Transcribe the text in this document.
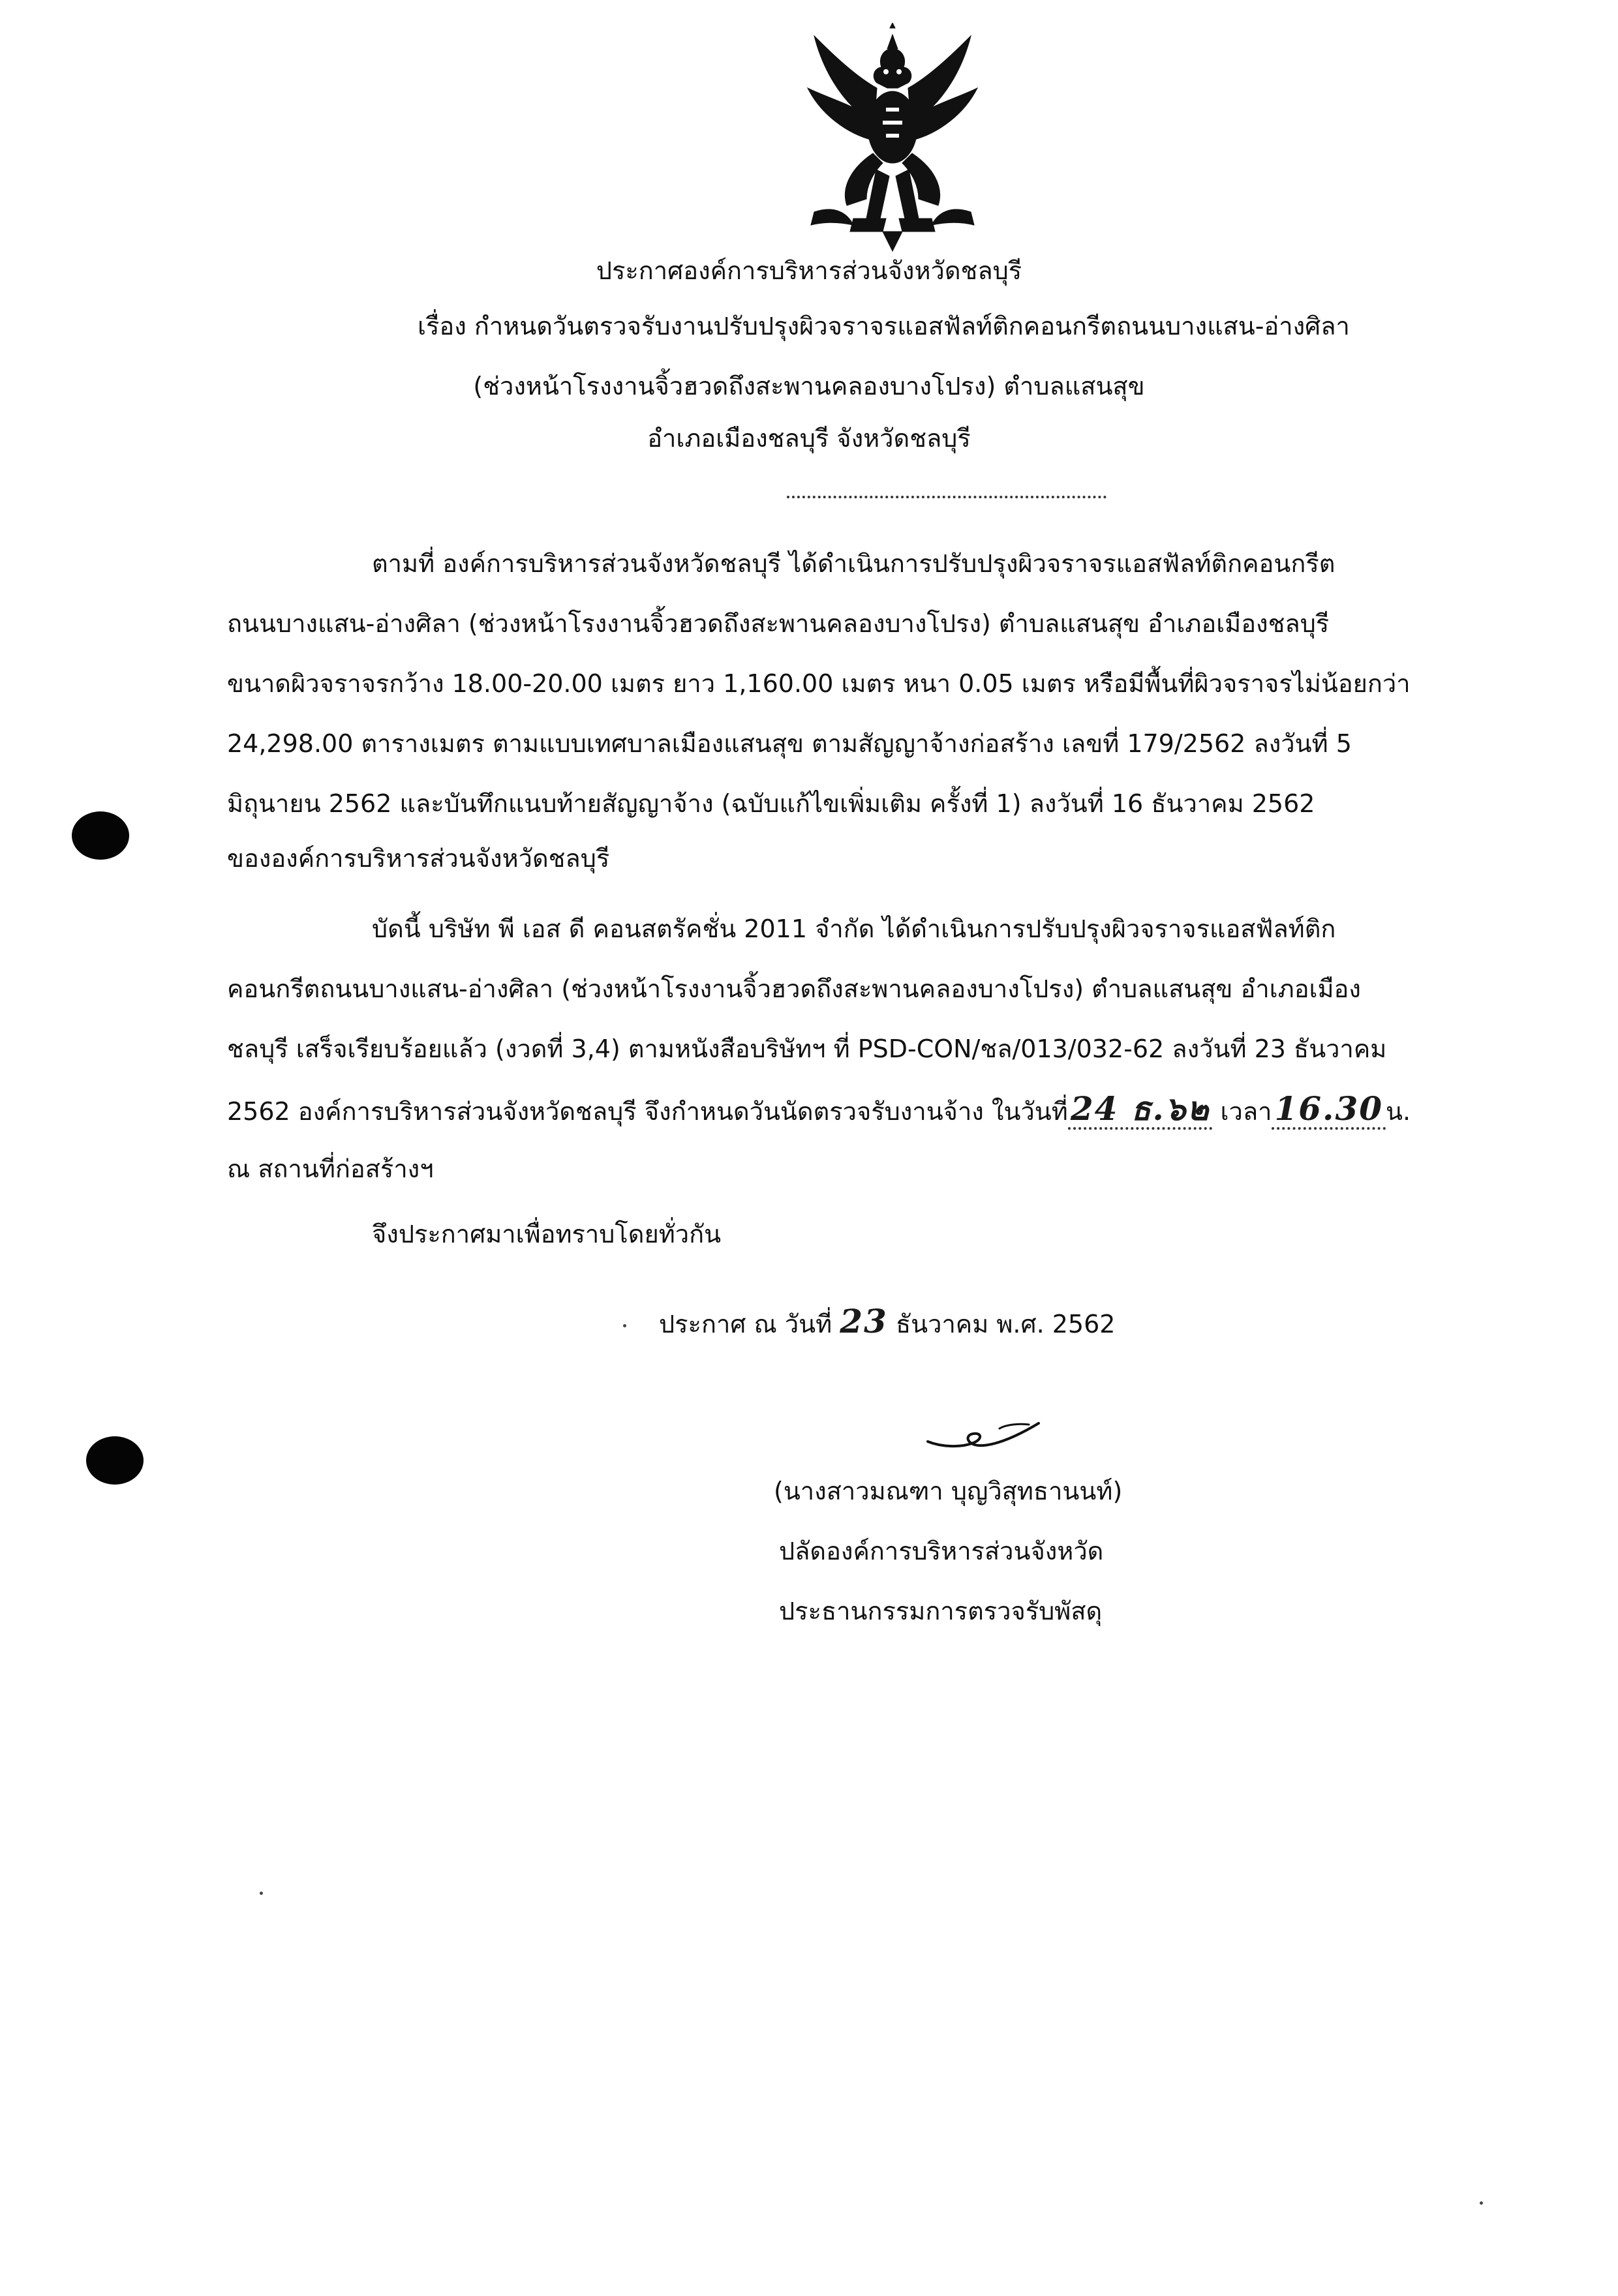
ประกาศองค์การบริหารส่วนจังหวัดชลบุรี
เรื่อง กำหนดวันตรวจรับงานปรับปรุงผิวจราจรแอสฟัลท์ติกคอนกรีตถนนบางแสน-อ่างศิลา
(ช่วงหน้าโรงงานจิ้วฮวดถึงสะพานคลองบางโปรง) ตำบลแสนสุข
อำเภอเมืองชลบุรี จังหวัดชลบุรี
ตามที่ องค์การบริหารส่วนจังหวัดชลบุรี ได้ดำเนินการปรับปรุงผิวจราจรแอสฟัลท์ติกคอนกรีต
ถนนบางแสน-อ่างศิลา (ช่วงหน้าโรงงานจิ้วฮวดถึงสะพานคลองบางโปรง) ตำบลแสนสุข อำเภอเมืองชลบุรี
ขนาดผิวจราจรกว้าง 18.00-20.00 เมตร ยาว 1,160.00 เมตร หนา 0.05 เมตร หรือมีพื้นที่ผิวจราจรไม่น้อยกว่า
24,298.00 ตารางเมตร ตามแบบเทศบาลเมืองแสนสุข ตามสัญญาจ้างก่อสร้าง เลขที่ 179/2562 ลงวันที่ 5
มิถุนายน 2562 และบันทึกแนบท้ายสัญญาจ้าง (ฉบับแก้ไขเพิ่มเติม ครั้งที่ 1) ลงวันที่ 16 ธันวาคม 2562
ขององค์การบริหารส่วนจังหวัดชลบุรี
บัดนี้ บริษัท พี เอส ดี คอนสตรัคชั่น 2011 จำกัด ได้ดำเนินการปรับปรุงผิวจราจรแอสฟัลท์ติก
คอนกรีตถนนบางแสน-อ่างศิลา (ช่วงหน้าโรงงานจิ้วฮวดถึงสะพานคลองบางโปรง) ตำบลแสนสุข อำเภอเมือง
ชลบุรี เสร็จเรียบร้อยแล้ว (งวดที่ 3,4) ตามหนังสือบริษัทฯ ที่ PSD-CON/ชล/013/032-62 ลงวันที่ 23 ธันวาคม
2562 องค์การบริหารส่วนจังหวัดชลบุรี จึงกำหนดวันนัดตรวจรับงานจ้าง ในวันที่24 ธ.๖๒ เวลา16.30 น.
ณ สถานที่ก่อสร้างฯ
จึงประกาศมาเพื่อทราบโดยทั่วกัน
ประกาศ ณ วันที่ 23 ธันวาคม พ.ศ. 2562
(นางสาวมณฑา บุญวิสุทธานนท์)
ปลัดองค์การบริหารส่วนจังหวัด
ประธานกรรมการตรวจรับพัสดุ
